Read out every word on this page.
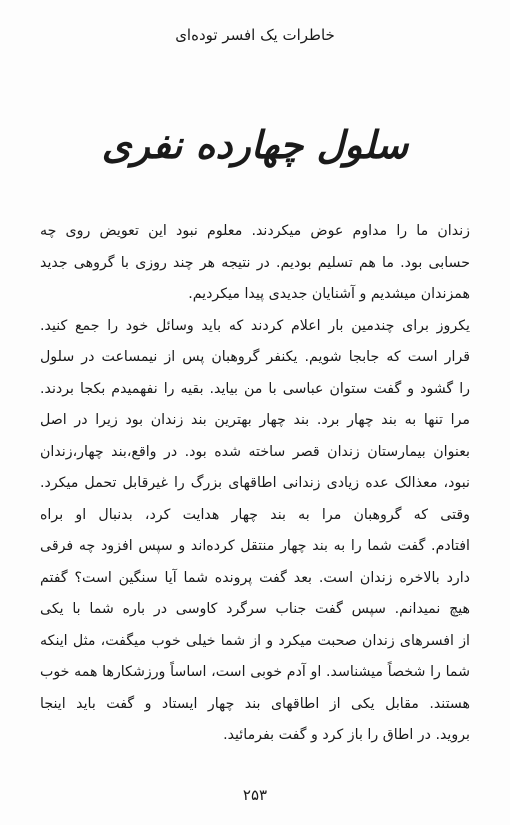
خاطرات یک افسر توده‌ای
سلول چهارده نفری
زندان ما را مداوم عوض میکردند. معلوم نبود این تعویض روی چه
حسابی بود. ما هم تسلیم بودیم. در نتیجه هر چند روزی با گروهی جدید
همزندان میشدیم و آشنایان جدیدی پیدا میکردیم.
یکروز برای چندمین بار اعلام کردند که باید وسائل خود را جمع کنید.
قرار است که جابجا شویم. یکنفر گروهبان پس از نیمساعت در سلول
را گشود و گفت ستوان عباسی با من بیاید. بقیه را نفهمیدم بکجا بردند.
مرا تنها به بند چهار برد. بند چهار بهترین بند زندان بود زیرا در اصل
بعنوان بیمارستان زندان قصر ساخته شده بود. در واقع،بند چهار،زندان
نبود، معذالک عده زیادی زندانی اطاقهای بزرگ را غیرقابل تحمل میکرد.
وقتی که گروهبان مرا به بند چهار هدایت کرد، بدنبال او براه
افتادم. گفت شما را به بند چهار منتقل کرده‌اند و سپس افزود چه فرقی
دارد بالاخره زندان است. بعد گفت پرونده شما آیا سنگین است؟ گفتم
هیچ نمیدانم. سپس گفت جناب سرگرد کاوسی در باره شما با یکی
از افسرهای زندان صحبت میکرد و از شما خیلی خوب میگفت، مثل اینکه
شما را شخصاً میشناسد. او آدم خوبی است، اساساً ورزشکارها همه خوب
هستند. مقابل یکی از اطاقهای بند چهار ایستاد و گفت باید اینجا
بروید. در اطاق را باز کرد و گفت بفرمائید.
۲۵۳
